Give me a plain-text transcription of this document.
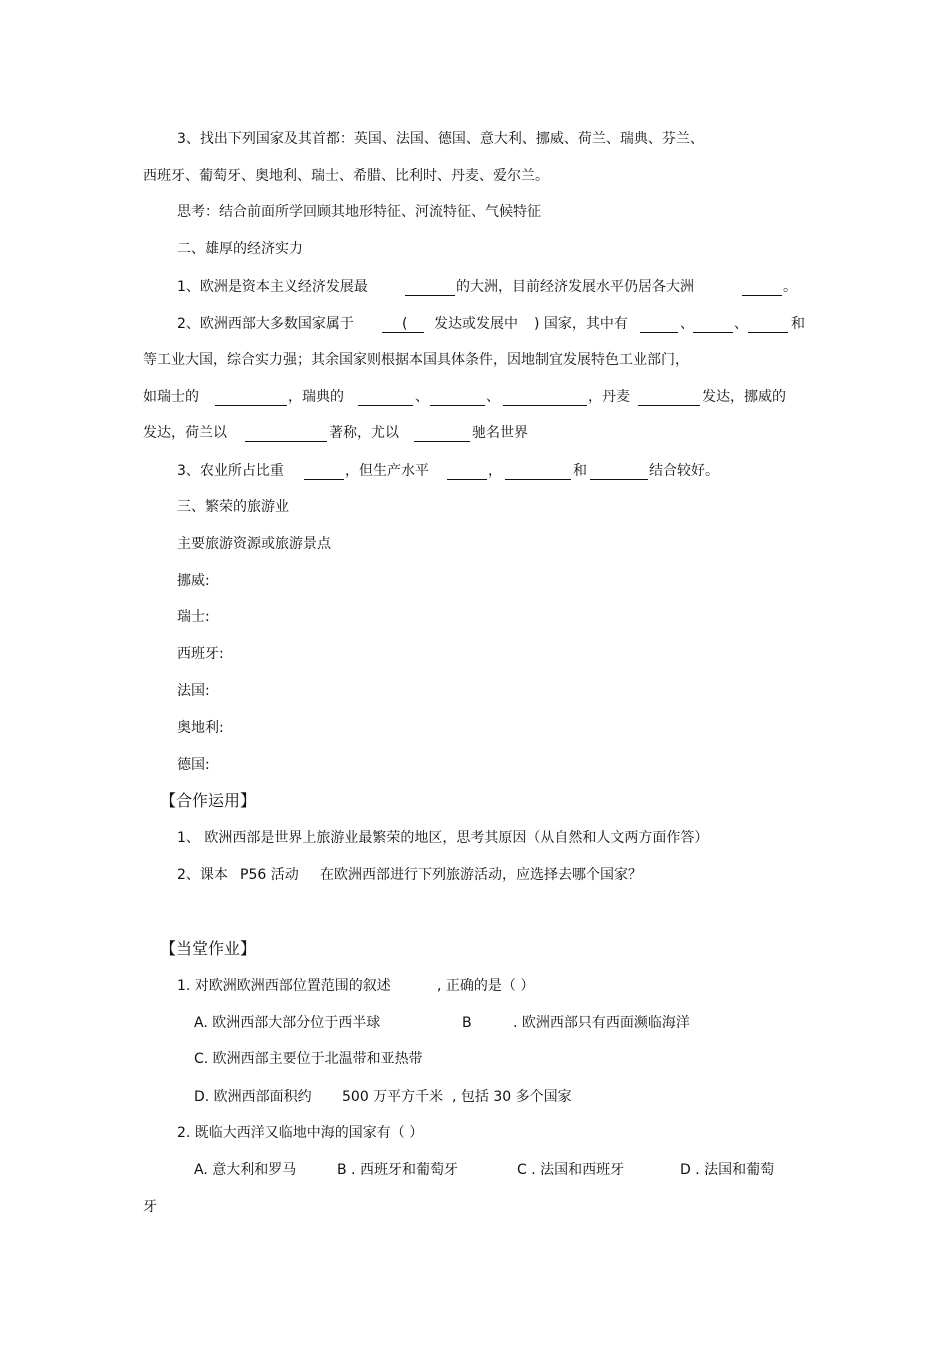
3、找出下列国家及其首都：英国、法国、德国、意大利、挪威、荷兰、瑞典、芬兰、
西班牙、葡萄牙、奥地利、瑞士、希腊、比利时、丹麦、爱尔兰。
思考：结合前面所学回顾其地形特征、河流特征、气候特征
二、雄厚的经济实力
1、欧洲是资本主义经济发展最	的大洲，目前经济发展水平仍居各大洲	。
2、欧洲西部大多数国家属于	( 发达或发展中 ) 国家，其中有	、	、	和
等工业大国，综合实力强；其余国家则根据本国具体条件，因地制宜发展特色工业部门，
如瑞士的	，瑞典的	、	、	，丹麦	发达，挪威的
发达，荷兰以	著称，尤以	驰名世界
3、农业所占比重	，但生产水平	，	和	结合较好。
三、繁荣的旅游业
主要旅游资源或旅游景点
挪威:
瑞士:
西班牙:
法国:
奥地利:
德国:
【合作运用】
1、 欧洲西部是世界上旅游业最繁荣的地区，思考其原因（从自然和人文两方面作答）
2、课本 P56 活动 在欧洲西部进行下列旅游活动，应选择去哪个国家？
【当堂作业】
1. 对欧洲欧洲西部位置范围的叙述	, 正确的是（ ）
A. 欧洲西部大部分位于西半球	B	. 欧洲西部只有西面濒临海洋
C. 欧洲西部主要位于北温带和亚热带
D. 欧洲西部面积约 500 万平方千米 , 包括 30 多个国家
2. 既临大西洋又临地中海的国家有（ ）
A. 意大利和罗马	B . 西班牙和葡萄牙	C . 法国和西班牙	D . 法国和葡萄
牙
